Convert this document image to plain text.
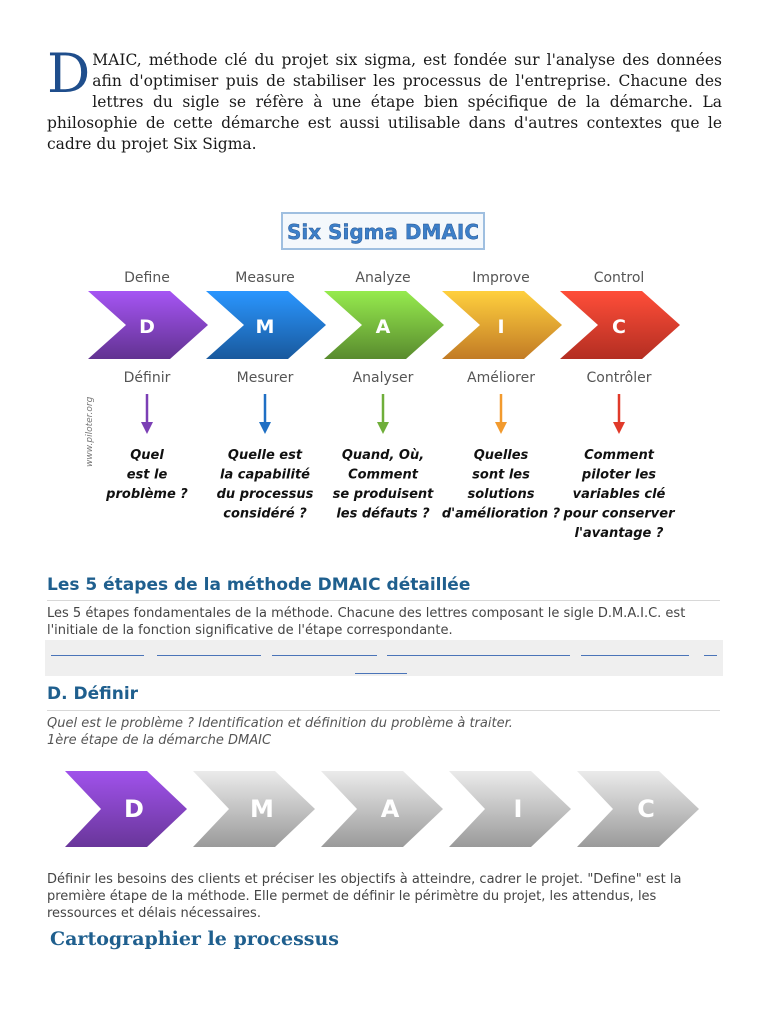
DMAIC, méthode clé du projet six sigma, est fondée sur l'analyse des données afin d'optimiser puis de stabiliser les processus de l'entreprise. Chacune des lettres du sigle se réfère à une étape bien spécifique de la démarche. La philosophie de cette démarche est aussi utilisable dans d'autres contextes que le cadre du projet Six Sigma.

Six Sigma DMAIC
www.piloter.org
Define
D
Définir
Quel
est le
problème ?
Measure
M
Mesurer
Quelle est
la capabilité
du processus
considéré ?
Analyze
A
Analyser
Quand, Où,
Comment
se produisent
les défauts ?
Improve
I
Améliorer
Quelles
sont les
solutions
d'amélioration ?
Control
C
Contrôler
Comment
piloter les
variables clé
pour conserver
l'avantage ?
Les 5 étapes de la méthode DMAIC détaillée

Les 5 étapes fondamentales de la méthode. Chacune des lettres composant le sigle D.M.A.I.C. est l'initiale de la fonction significative de l'étape correspondante.

D. Définir

Quel est le problème ? Identification et définition du problème à traiter.

1ère étape de la démarche DMAIC

D	M	A	I	C

Définir les besoins des clients et préciser les objectifs à atteindre, cadrer le projet. "Define" est la première étape de la méthode. Elle permet de définir le périmètre du projet, les attendus, les ressources et délais nécessaires.

Cartographier le processus
